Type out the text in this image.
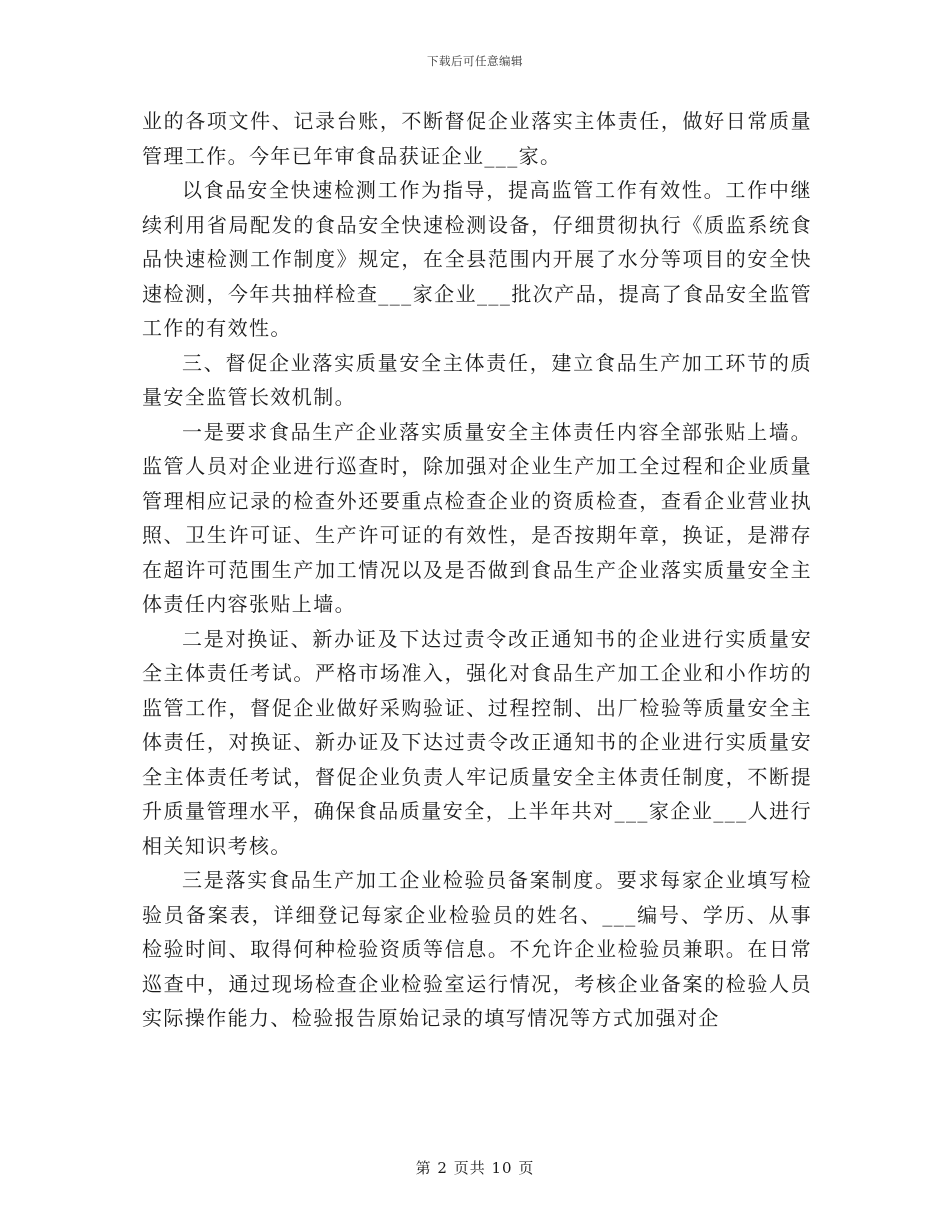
下载后可任意编辑

业的各项文件、记录台账，不断督促企业落实主体责任，做好日常质量管理工作。今年已年审食品获证企业___家。

以食品安全快速检测工作为指导，提高监管工作有效性。工作中继续利用省局配发的食品安全快速检测设备，仔细贯彻执行《质监系统食品快速检测工作制度》规定，在全县范围内开展了水分等项目的安全快速检测，今年共抽样检查___家企业___批次产品，提高了食品安全监管工作的有效性。

三、督促企业落实质量安全主体责任，建立食品生产加工环节的质量安全监管长效机制。

一是要求食品生产企业落实质量安全主体责任内容全部张贴上墙。监管人员对企业进行巡查时，除加强对企业生产加工全过程和企业质量管理相应记录的检查外还要重点检查企业的资质检查，查看企业营业执照、卫生许可证、生产许可证的有效性，是否按期年章，换证，是滞存在超许可范围生产加工情况以及是否做到食品生产企业落实质量安全主体责任内容张贴上墙。

二是对换证、新办证及下达过责令改正通知书的企业进行实质量安全主体责任考试。严格市场准入，强化对食品生产加工企业和小作坊的监管工作，督促企业做好采购验证、过程控制、出厂检验等质量安全主体责任，对换证、新办证及下达过责令改正通知书的企业进行实质量安全主体责任考试，督促企业负责人牢记质量安全主体责任制度，不断提升质量管理水平，确保食品质量安全，上半年共对___家企业___人进行相关知识考核。

三是落实食品生产加工企业检验员备案制度。要求每家企业填写检验员备案表，详细登记每家企业检验员的姓名、___编号、学历、从事检验时间、取得何种检验资质等信息。不允许企业检验员兼职。在日常巡查中，通过现场检查企业检验室运行情况，考核企业备案的检验人员实际操作能力、检验报告原始记录的填写情况等方式加强对企

第 2 页共 10 页
